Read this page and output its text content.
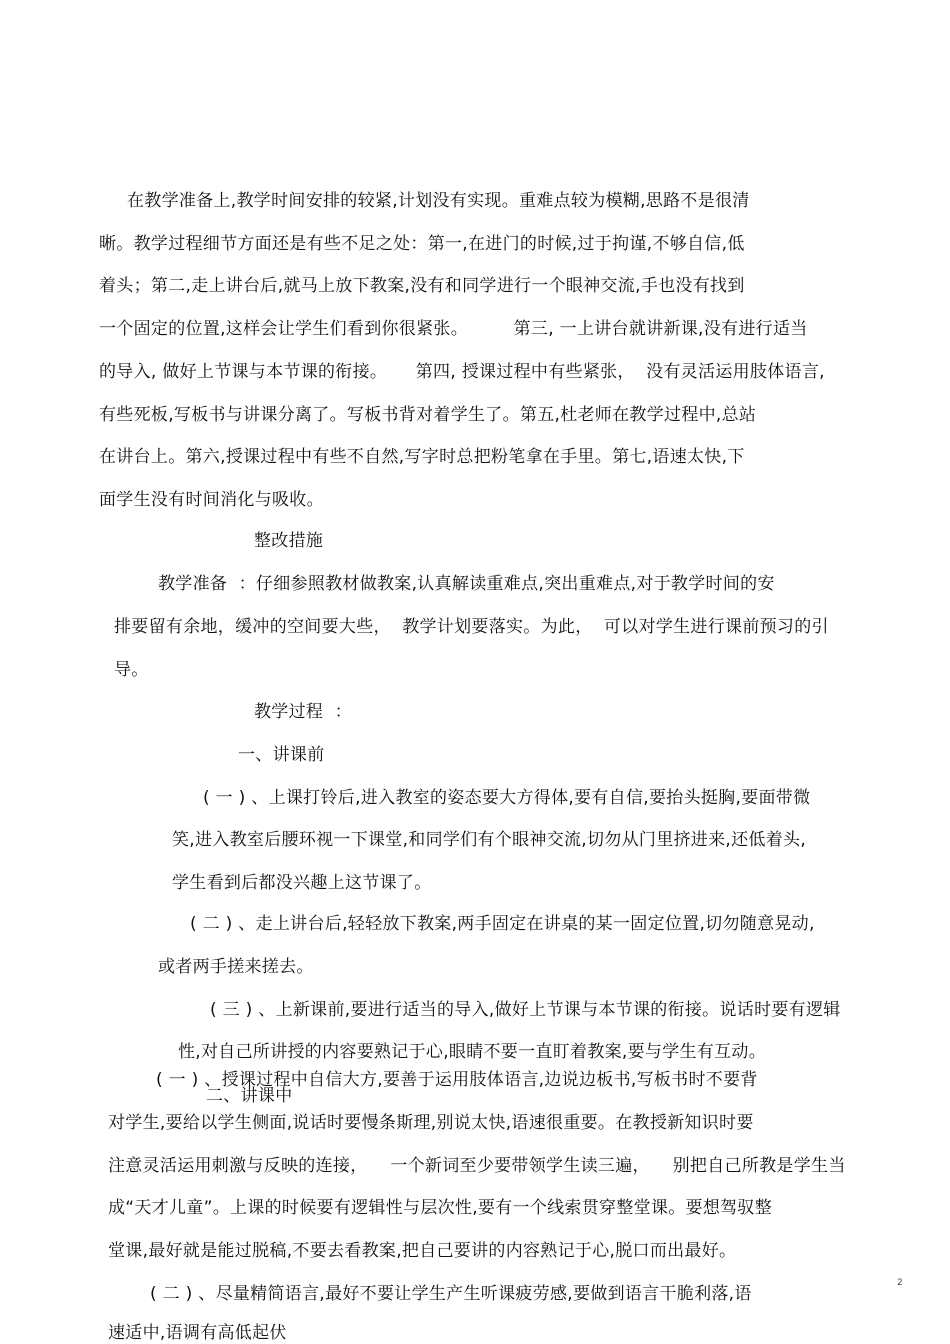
在教学准备上,教学时间安排的较紧,计划没有实现。重难点较为模糊,思路不是很清
晰。教学过程细节方面还是有些不足之处：第一,在进门的时候,过于拘谨,不够自信,低
着头；第二,走上讲台后,就马上放下教案,没有和同学进行一个眼神交流,手也没有找到
一个固定的位置,这样会让学生们看到你很紧张。        第三, 一上讲台就讲新课,没有进行适当
的导入, 做好上节课与本节课的衔接。     第四, 授课过程中有些紧张，  没有灵活运用肢体语言,
有些死板,写板书与讲课分离了。写板书背对着学生了。第五,杜老师在教学过程中,总站
在讲台上。第六,授课过程中有些不自然,写字时总把粉笔拿在手里。第七,语速太快,下
面学生没有时间消化与吸收。
整改措施
教学准备  ：仔细参照教材做教案,认真解读重难点,突出重难点,对于教学时间的安
排要留有余地，缓冲的空间要大些，  教学计划要落实。为此，  可以对学生进行课前预习的引
导。
教学过程  ：
一、讲课前
( 一 ) 、上课打铃后,进入教室的姿态要大方得体,要有自信,要抬头挺胸,要面带微
笑,进入教室后腰环视一下课堂,和同学们有个眼神交流,切勿从门里挤进来,还低着头,
学生看到后都没兴趣上这节课了。
( 二 ) 、走上讲台后,轻轻放下教案,两手固定在讲桌的某一固定位置,切勿随意晃动,
或者两手搓来搓去。
( 三 ) 、上新课前,要进行适当的导入,做好上节课与本节课的衔接。说话时要有逻辑
性,对自己所讲授的内容要熟记于心,眼睛不要一直盯着教案,要与学生有互动。
二、讲课中
( 一 ) 、授课过程中自信大方,要善于运用肢体语言,边说边板书,写板书时不要背
对学生,要给以学生侧面,说话时要慢条斯理,别说太快,语速很重要。在教授新知识时要
注意灵活运用刺激与反映的连接，    一个新词至少要带领学生读三遍，    别把自己所教是学生当
成“天才儿童”。上课的时候要有逻辑性与层次性,要有一个线索贯穿整堂课。要想驾驭整
堂课,最好就是能过脱稿,不要去看教案,把自己要讲的内容熟记于心,脱口而出最好。
( 二 ) 、尽量精简语言,最好不要让学生产生听课疲劳感,要做到语言干脆利落,语
速适中,语调有高低起伏
2
